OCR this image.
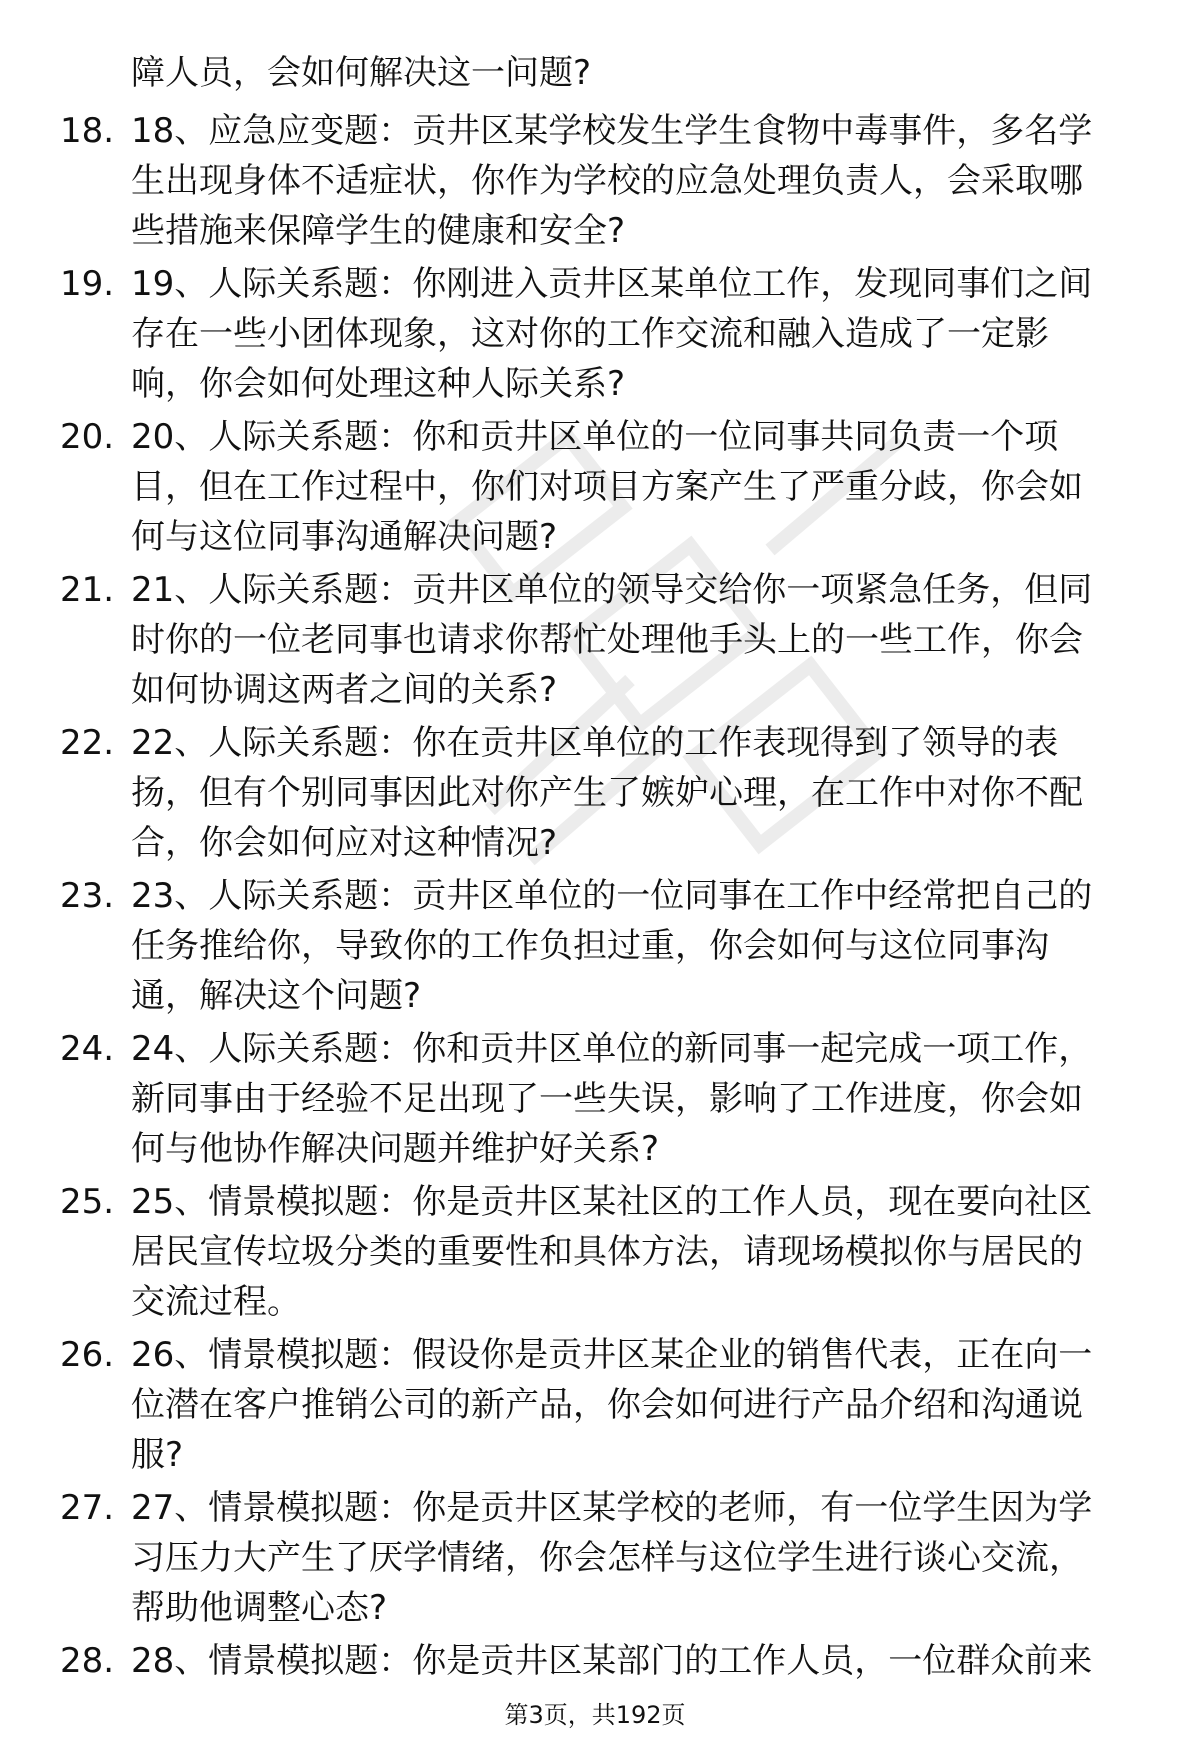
障人员，会如何解决这一问题?
18. 18、应急应变题：贡井区某学校发生学生食物中毒事件，多名学
生出现身体不适症状，你作为学校的应急处理负责人，会采取哪
些措施来保障学生的健康和安全?
19. 19、人际关系题：你刚进入贡井区某单位工作，发现同事们之间
存在一些小团体现象，这对你的工作交流和融入造成了一定影
响，你会如何处理这种人际关系?
20. 20、人际关系题：你和贡井区单位的一位同事共同负责一个项
目，但在工作过程中，你们对项目方案产生了严重分歧，你会如
何与这位同事沟通解决问题?
21. 21、人际关系题：贡井区单位的领导交给你一项紧急任务，但同
时你的一位老同事也请求你帮忙处理他手头上的一些工作，你会
如何协调这两者之间的关系?
22. 22、人际关系题：你在贡井区单位的工作表现得到了领导的表
扬，但有个别同事因此对你产生了嫉妒心理，在工作中对你不配
合，你会如何应对这种情况?
23. 23、人际关系题：贡井区单位的一位同事在工作中经常把自己的
任务推给你，导致你的工作负担过重，你会如何与这位同事沟
通，解决这个问题?
24. 24、人际关系题：你和贡井区单位的新同事一起完成一项工作，
新同事由于经验不足出现了一些失误，影响了工作进度，你会如
何与他协作解决问题并维护好关系?
25. 25、情景模拟题：你是贡井区某社区的工作人员，现在要向社区
居民宣传垃圾分类的重要性和具体方法，请现场模拟你与居民的
交流过程。
26. 26、情景模拟题：假设你是贡井区某企业的销售代表，正在向一
位潜在客户推销公司的新产品，你会如何进行产品介绍和沟通说
服?
27. 27、情景模拟题：你是贡井区某学校的老师，有一位学生因为学
习压力大产生了厌学情绪，你会怎样与这位学生进行谈心交流，
帮助他调整心态?
28. 28、情景模拟题：你是贡井区某部门的工作人员，一位群众前来
第3页，共192页
